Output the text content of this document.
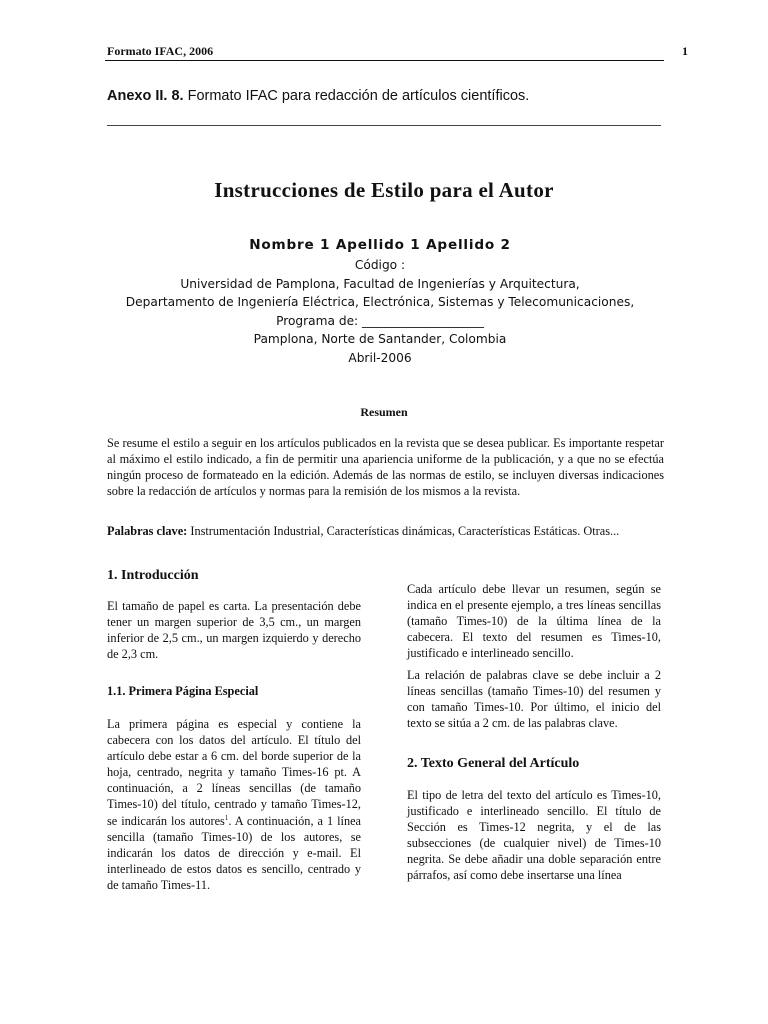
Formato IFAC, 2006	1
Anexo II. 8. Formato IFAC para redacción de artículos científicos.
Instrucciones de Estilo para el Autor
Nombre 1 Apellido 1 Apellido 2
Código :
Universidad de Pamplona, Facultad de Ingenierías y Arquitectura,
Departamento de Ingeniería Eléctrica, Electrónica, Sistemas y Telecomunicaciones,
Programa de: ____________________
Pamplona, Norte de Santander, Colombia
Abril-2006
Resumen
Se resume el estilo a seguir en los artículos publicados en la revista que se desea publicar. Es importante respetar al máximo el estilo indicado, a fin de permitir una apariencia uniforme de la publicación, y a que no se efectúa ningún proceso de formateado en la edición. Además de las normas de estilo, se incluyen diversas indicaciones sobre la redacción de artículos y normas para la remisión de los mismos a la revista.
Palabras clave: Instrumentación Industrial, Características dinámicas, Características Estáticas. Otras...
1. Introducción
El tamaño de papel es carta. La presentación debe tener un margen superior de 3,5 cm., un margen inferior de 2,5 cm., un margen izquierdo y derecho de 2,3 cm.
1.1. Primera Página Especial
La primera página es especial y contiene la cabecera con los datos del artículo. El título del artículo debe estar a 6 cm. del borde superior de la hoja, centrado, negrita y tamaño Times-16 pt. A continuación, a 2 líneas sencillas (de tamaño Times-10) del título, centrado y tamaño Times-12, se indicarán los autores$^1$. A continuación, a 1 línea sencilla (tamaño Times-10) de los autores, se indicarán los datos de dirección y e-mail. El interlineado de estos datos es sencillo, centrado y de tamaño Times-11.
Cada artículo debe llevar un resumen, según se indica en el presente ejemplo, a tres líneas sencillas (tamaño Times-10) de la última línea de la cabecera. El texto del resumen es Times-10, justificado e interlineado sencillo.
La relación de palabras clave se debe incluir a 2 líneas sencillas (tamaño Times-10) del resumen y con tamaño Times-10. Por último, el inicio del texto se sitúa a 2 cm. de las palabras clave.
2. Texto General del Artículo
El tipo de letra del texto del artículo es Times-10, justificado e interlineado sencillo. El título de Sección es Times-12 negrita, y el de las subsecciones (de cualquier nivel) de Times-10 negrita. Se debe añadir una doble separación entre párrafos, así como debe insertarse una línea
